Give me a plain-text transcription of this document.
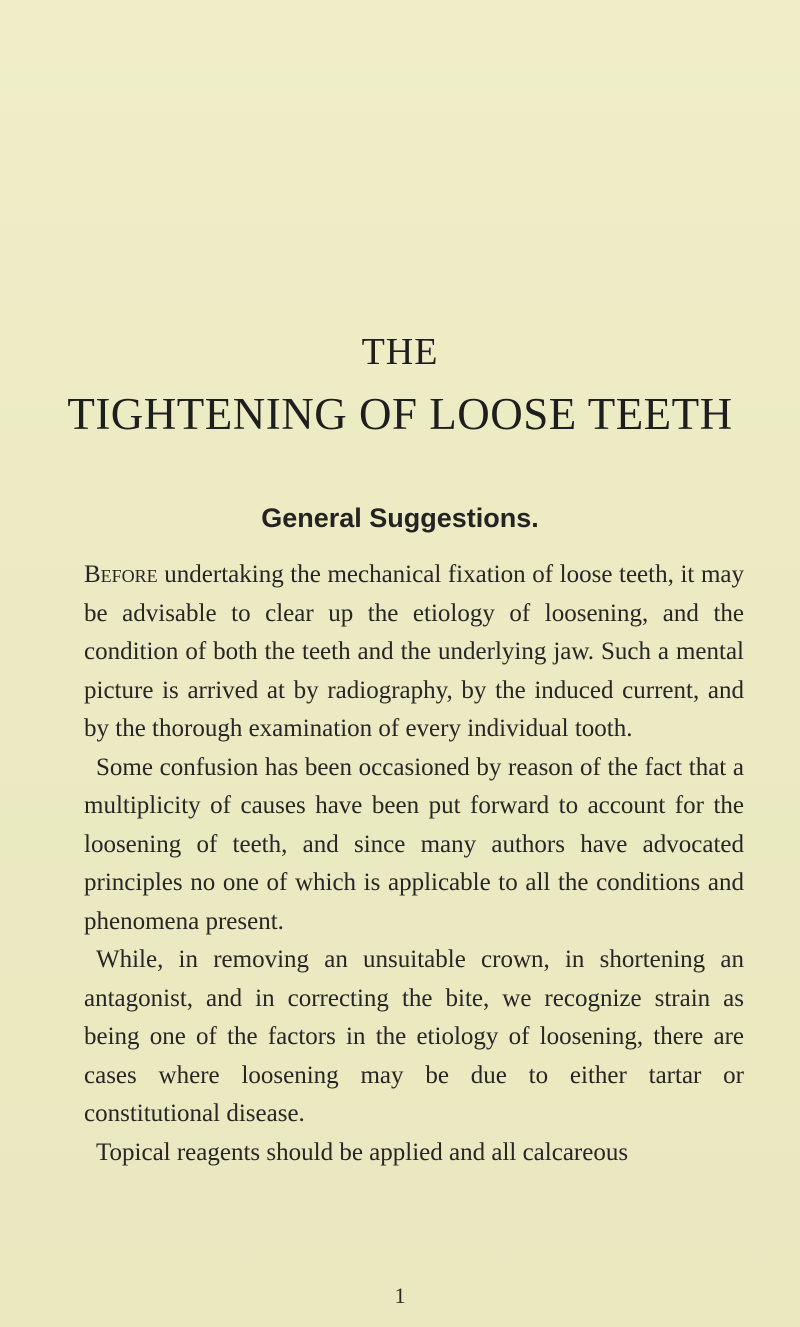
THE
TIGHTENING OF LOOSE TEETH
General Suggestions.

Before undertaking the mechanical fixation of loose teeth, it may be advisable to clear up the etiology of loosening, and the condition of both the teeth and the underlying jaw. Such a mental picture is arrived at by radiography, by the induced current, and by the thorough examination of every individual tooth.

Some confusion has been occasioned by reason of the fact that a multiplicity of causes have been put forward to account for the loosening of teeth, and since many authors have advocated principles no one of which is applicable to all the conditions and phenomena present.

While, in removing an unsuitable crown, in shortening an antagonist, and in correcting the bite, we recognize strain as being one of the factors in the etiology of loosening, there are cases where loosening may be due to either tartar or constitutional disease.

Topical reagents should be applied and all calcareous

1
